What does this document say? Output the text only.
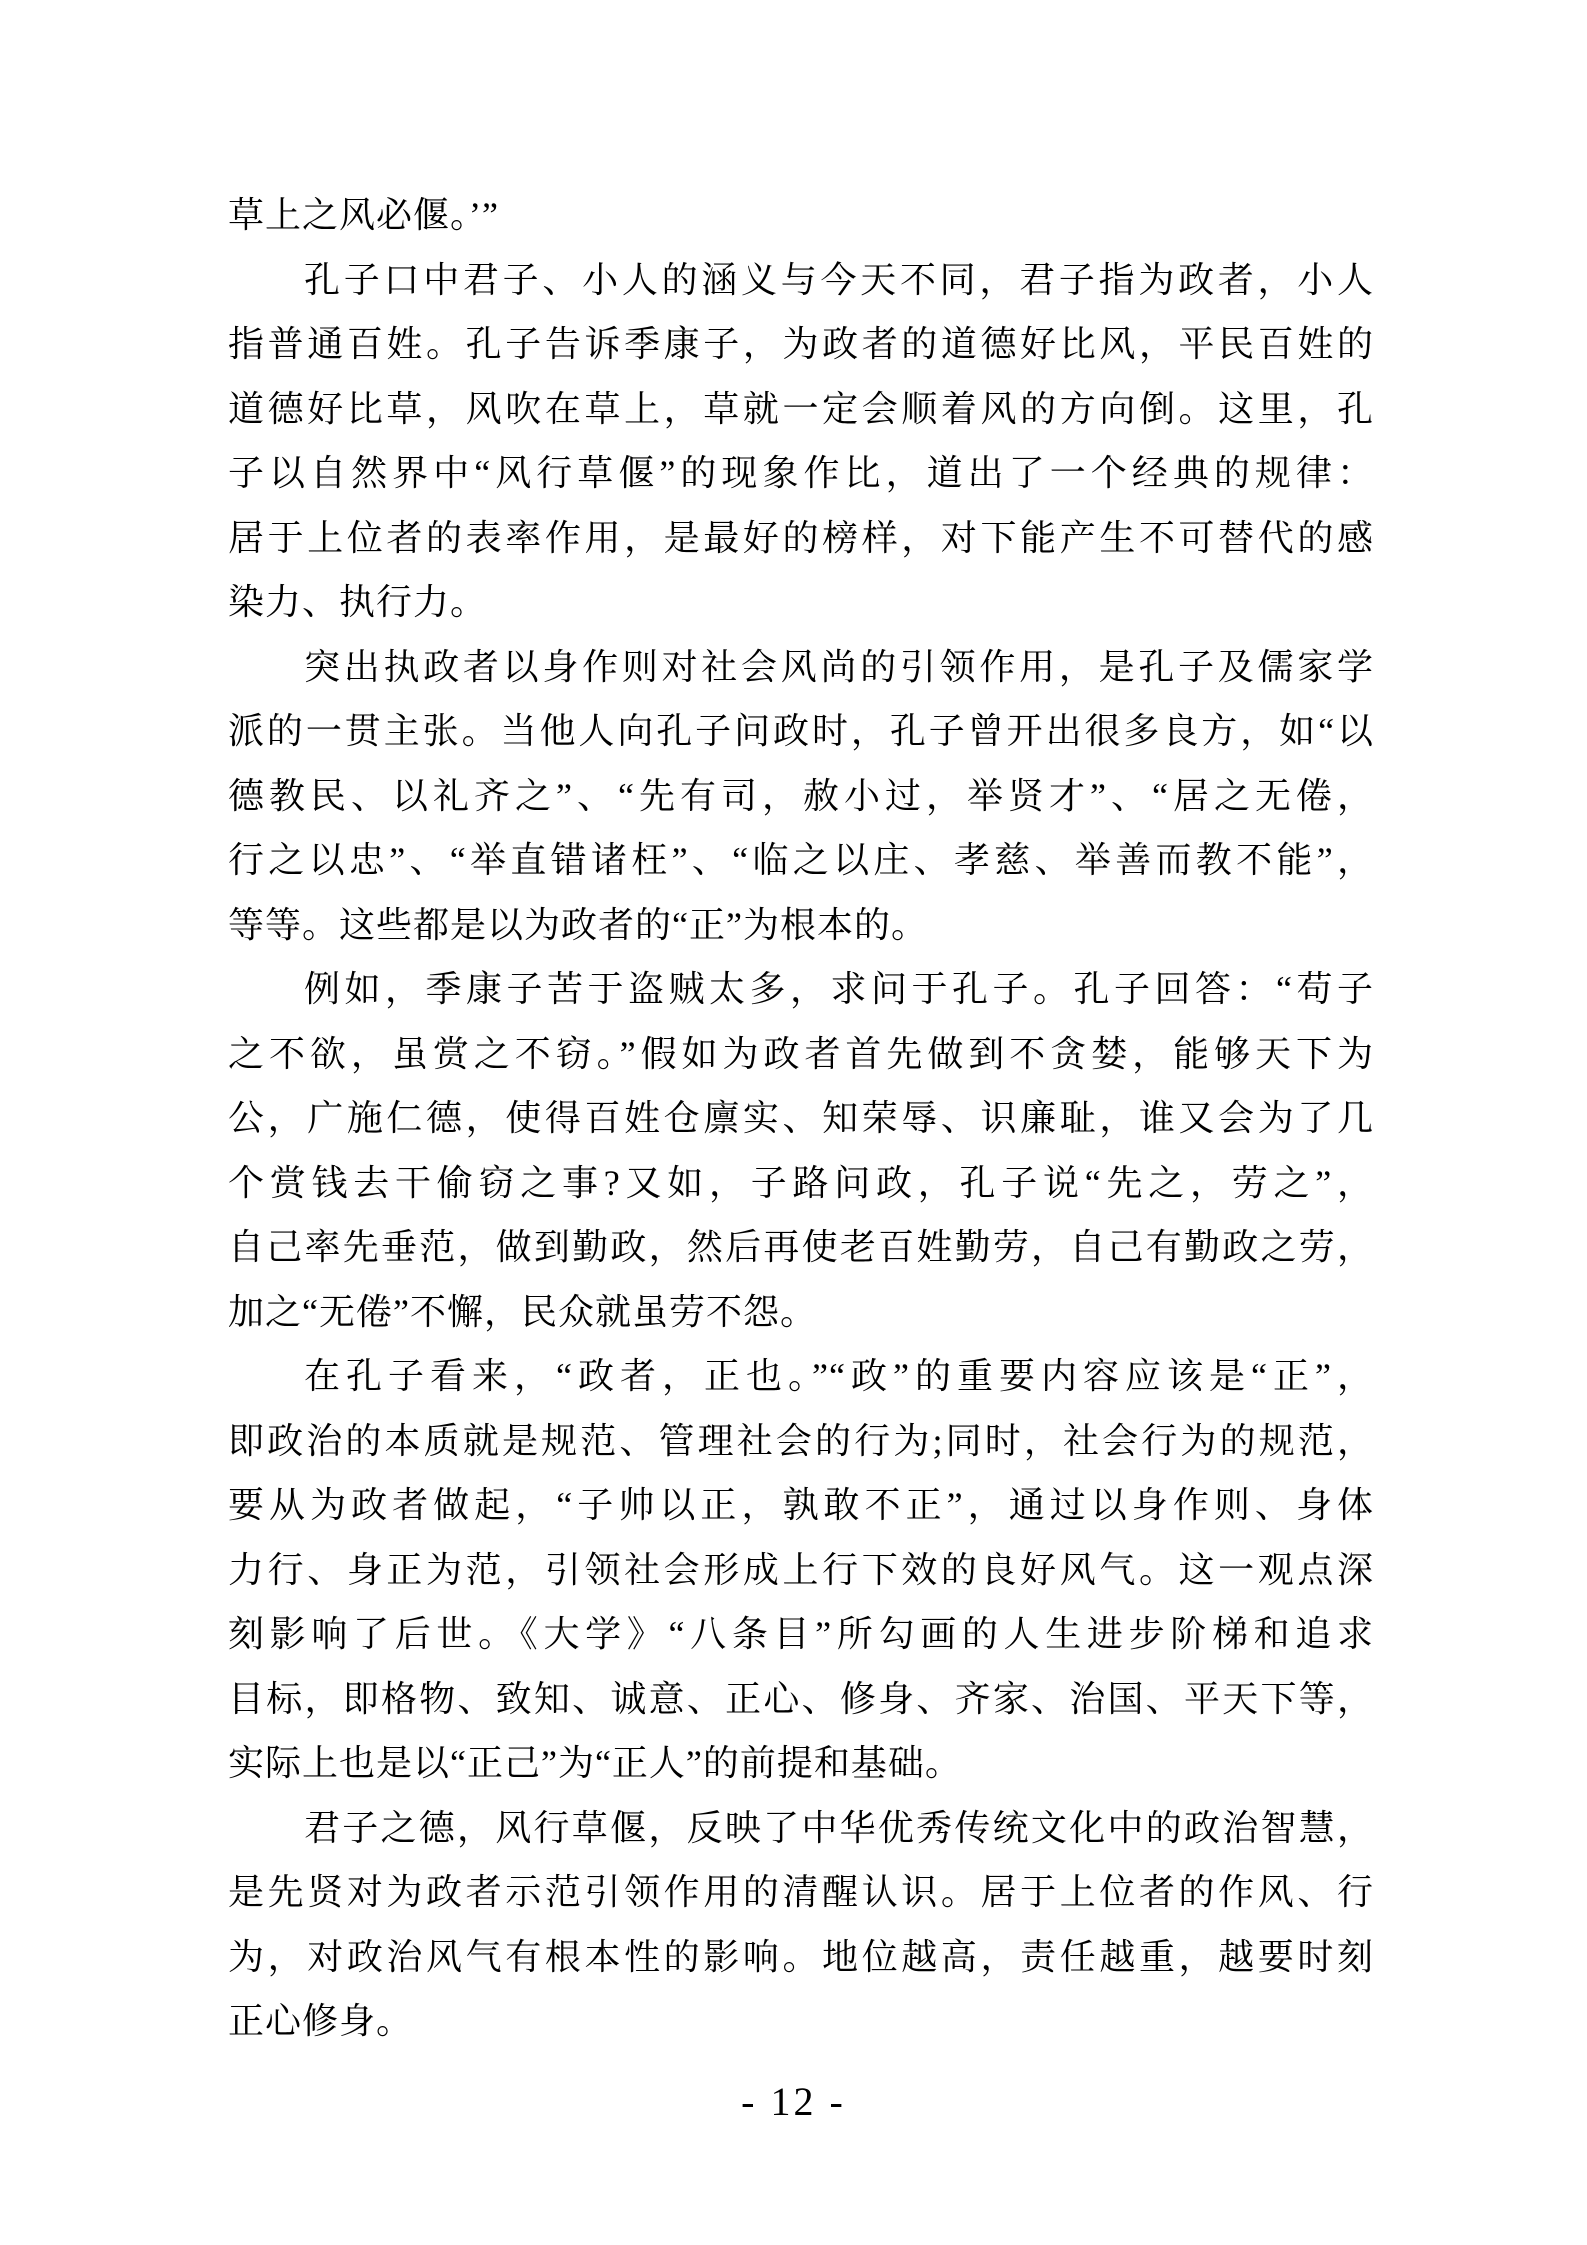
草上之风必偃。’”
孔子口中君子、小人的涵义与今天不同，君子指为政者，小人
指普通百姓。孔子告诉季康子，为政者的道德好比风，平民百姓的
道德好比草，风吹在草上，草就一定会顺着风的方向倒。这里，孔
子以自然界中“风行草偃”的现象作比，道出了一个经典的规律：
居于上位者的表率作用，是最好的榜样，对下能产生不可替代的感
染力、执行力。
突出执政者以身作则对社会风尚的引领作用，是孔子及儒家学
派的一贯主张。当他人向孔子问政时，孔子曾开出很多良方，如“以
德教民、以礼齐之”、“先有司，赦小过，举贤才”、“居之无倦，
行之以忠”、“举直错诸枉”、“临之以庄、孝慈、举善而教不能”，
等等。这些都是以为政者的“正”为根本的。
例如，季康子苦于盗贼太多，求问于孔子。孔子回答：“苟子
之不欲，虽赏之不窃。”假如为政者首先做到不贪婪，能够天下为
公，广施仁德，使得百姓仓廪实、知荣辱、识廉耻，谁又会为了几
个赏钱去干偷窃之事?又如，子路问政，孔子说“先之，劳之”，
自己率先垂范，做到勤政，然后再使老百姓勤劳，自己有勤政之劳，
加之“无倦”不懈，民众就虽劳不怨。
在孔子看来，“政者，正也。”“政”的重要内容应该是“正”，
即政治的本质就是规范、管理社会的行为;同时，社会行为的规范，
要从为政者做起，“子帅以正，孰敢不正”，通过以身作则、身体
力行、身正为范，引领社会形成上行下效的良好风气。这一观点深
刻影响了后世。《大学》“八条目”所勾画的人生进步阶梯和追求
目标，即格物、致知、诚意、正心、修身、齐家、治国、平天下等，
实际上也是以“正己”为“正人”的前提和基础。
君子之德，风行草偃，反映了中华优秀传统文化中的政治智慧，
是先贤对为政者示范引领作用的清醒认识。居于上位者的作风、行
为，对政治风气有根本性的影响。地位越高，责任越重，越要时刻
正心修身。
- 12 -
